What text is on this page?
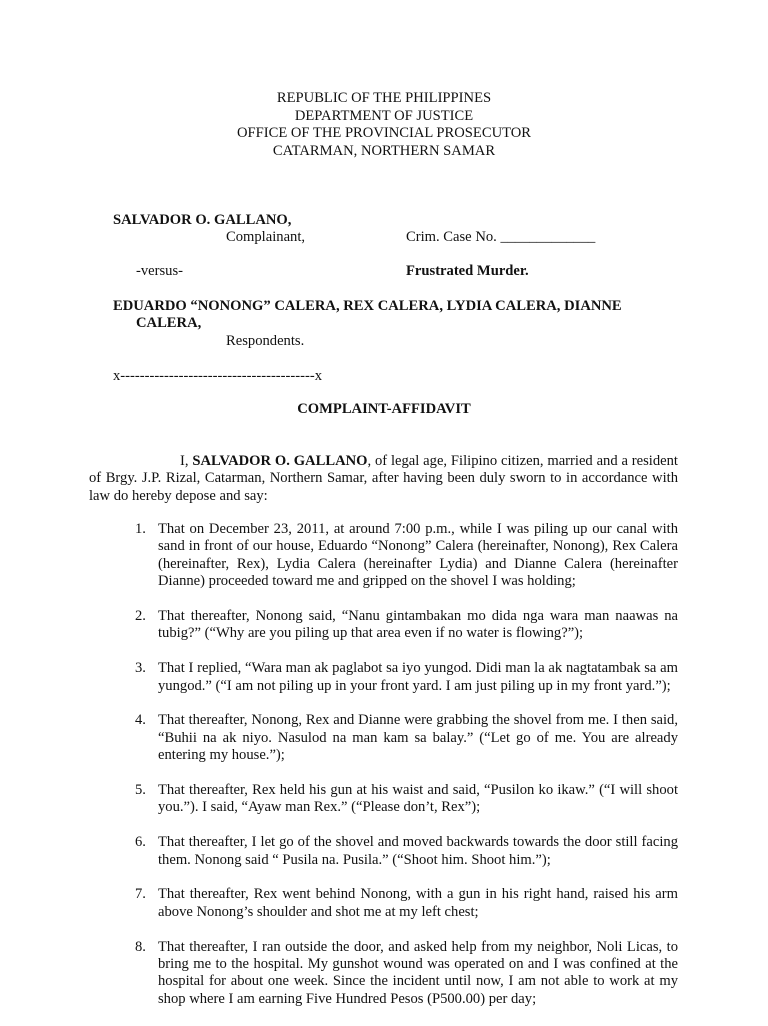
REPUBLIC OF THE PHILIPPINES
DEPARTMENT OF JUSTICE
OFFICE OF THE PROVINCIAL PROSECUTOR
CATARMAN, NORTHERN SAMAR
SALVADOR O. GALLANO,
Complainant,	Crim. Case No. _____________
-versus-	Frustrated Murder.
EDUARDO “NONONG” CALERA, REX CALERA, LYDIA CALERA, DIANNE
CALERA,
Respondents.
x----------------------------------------x
COMPLAINT-AFFIDAVIT
I, SALVADOR O. GALLANO, of legal age, Filipino citizen, married and a resident of Brgy. J.P. Rizal, Catarman, Northern Samar, after having been duly sworn to in accordance with law do hereby depose and say:
1. That on December 23, 2011, at around 7:00 p.m., while I was piling up our canal with sand in front of our house, Eduardo “Nonong” Calera (hereinafter, Nonong), Rex Calera (hereinafter, Rex), Lydia Calera (hereinafter Lydia) and Dianne Calera (hereinafter Dianne) proceeded toward me and gripped on the shovel I was holding;
2. That thereafter, Nonong said, “Nanu gintambakan mo dida nga wara man naawas na tubig?” (“Why are you piling up that area even if no water is flowing?”);
3. That I replied, “Wara man ak paglabot sa iyo yungod. Didi man la ak nagtatambak sa am yungod.” (“I am not piling up in your front yard. I am just piling up in my front yard.”);
4. That thereafter, Nonong, Rex and Dianne were grabbing the shovel from me. I then said, “Buhii na ak niyo. Nasulod na man kam sa balay.” (“Let go of me. You are already entering my house.”);
5. That thereafter, Rex held his gun at his waist and said, “Pusilon ko ikaw.” (“I will shoot you.”). I said, “Ayaw man Rex.” (“Please don’t, Rex”);
6. That thereafter, I let go of the shovel and moved backwards towards the door still facing them. Nonong said “ Pusila na. Pusila.” (“Shoot him. Shoot him.”);
7. That thereafter, Rex went behind Nonong, with a gun in his right hand, raised his arm above Nonong’s shoulder and shot me at my left chest;
8. That thereafter, I ran outside the door, and asked help from my neighbor, Noli Licas, to bring me to the hospital. My gunshot wound was operated on and I was confined at the hospital for about one week. Since the incident until now, I am not able to work at my shop where I am earning Five Hundred Pesos (P500.00) per day;
